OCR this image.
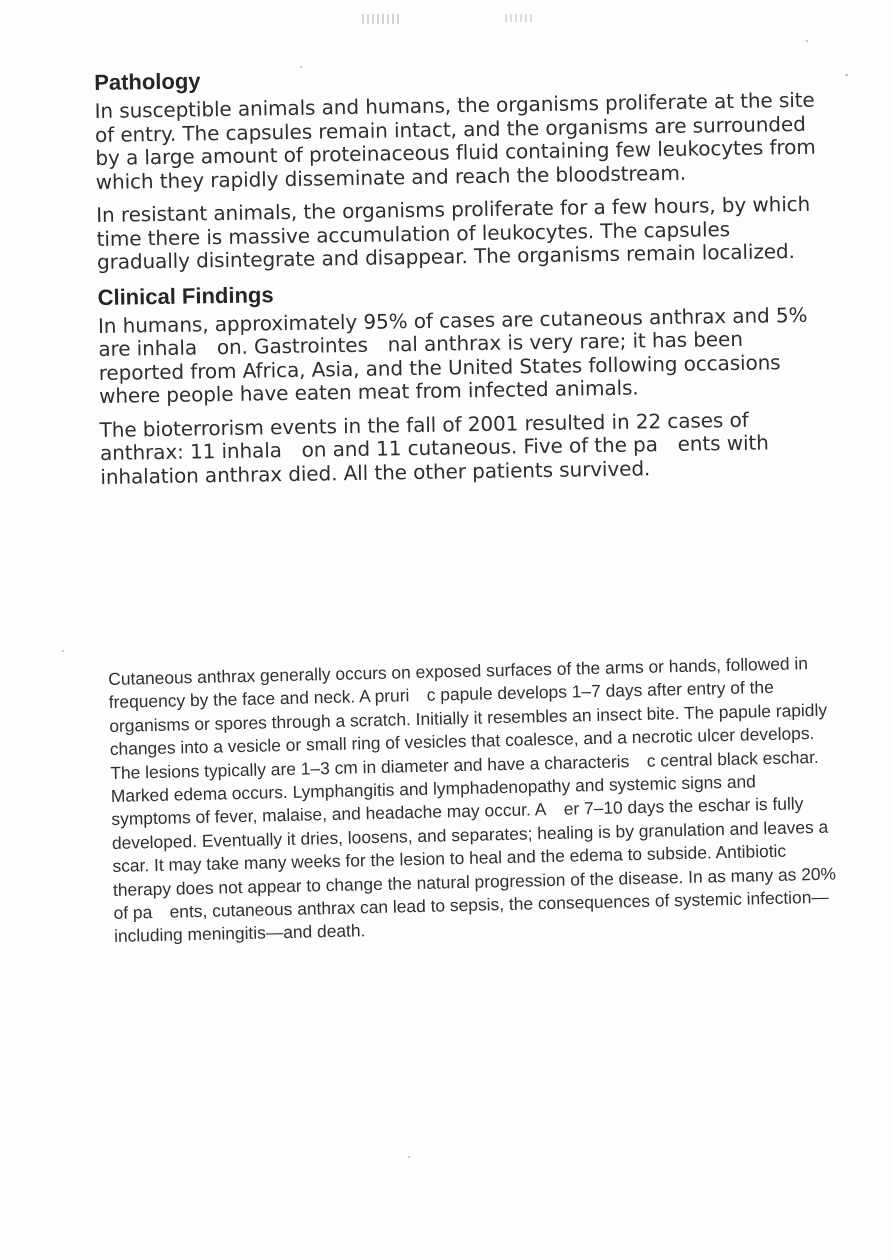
Pathology

In susceptible animals and humans, the organisms proliferate at the site of entry. The capsules remain intact, and the organisms are surrounded by a large amount of proteinaceous fluid containing few leukocytes from which they rapidly disseminate and reach the bloodstream.

In resistant animals, the organisms proliferate for a few hours, by which time there is massive accumulation of leukocytes. The capsules gradually disintegrate and disappear. The organisms remain localized.

Clinical Findings

In humans, approximately 95% of cases are cutaneous anthrax and 5% are inhala  on. Gastrointes  nal anthrax is very rare; it has been reported from Africa, Asia, and the United States following occasions where people have eaten meat from infected animals.

The bioterrorism events in the fall of 2001 resulted in 22 cases of anthrax: 11 inhala  on and 11 cutaneous. Five of the pa  ents with inhalation anthrax died. All the other patients survived.

Cutaneous anthrax generally occurs on exposed surfaces of the arms or hands, followed in frequency by the face and neck. A pruri  c papule develops 1–7 days after entry of the organisms or spores through a scratch. Initially it resembles an insect bite. The papule rapidly changes into a vesicle or small ring of vesicles that coalesce, and a necrotic ulcer develops. The lesions typically are 1–3 cm in diameter and have a characteris  c central black eschar. Marked edema occurs. Lymphangitis and lymphadenopathy and systemic signs and symptoms of fever, malaise, and headache may occur. A  er 7–10 days the eschar is fully developed. Eventually it dries, loosens, and separates; healing is by granulation and leaves a scar. It may take many weeks for the lesion to heal and the edema to subside. Antibiotic therapy does not appear to change the natural progression of the disease. In as many as 20% of pa  ents, cutaneous anthrax can lead to sepsis, the consequences of systemic infection—including meningitis—and death.
